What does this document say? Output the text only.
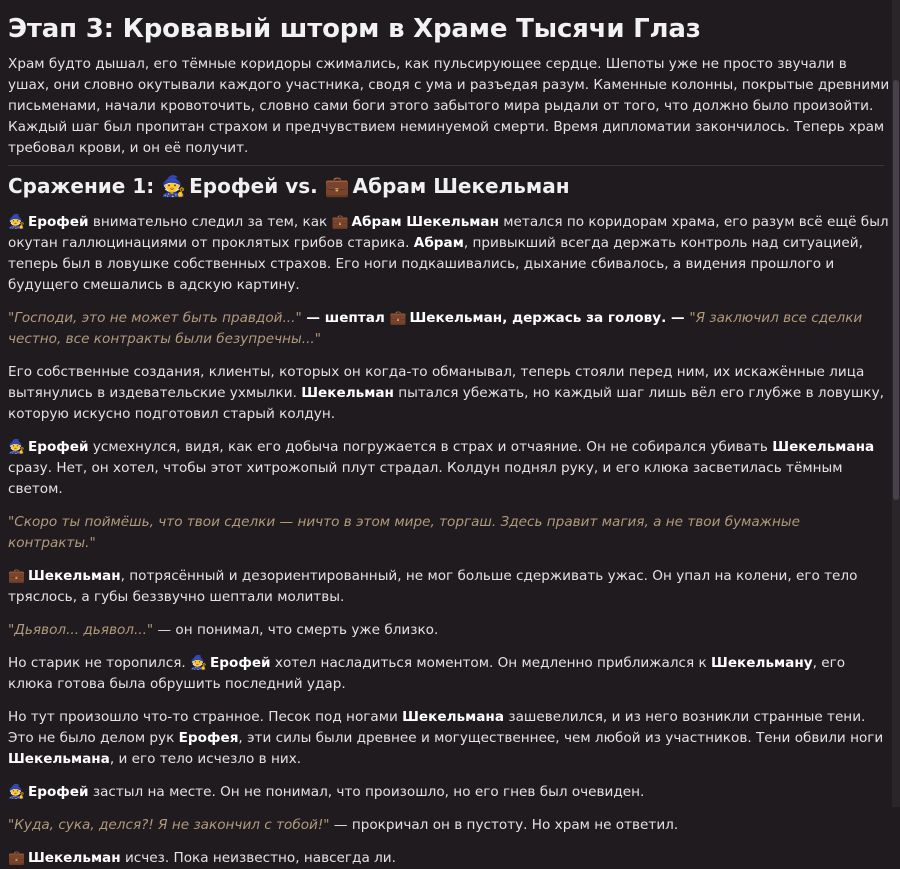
Этап 3: Кровавый шторм в Храме Тысячи Глаз

Храм будто дышал, его тёмные коридоры сжимались, как пульсирующее сердце. Шепоты уже не просто звучали в ушах, они словно окутывали каждого участника, сводя с ума и разъедая разум. Каменные колонны, покрытые древними письменами, начали кровоточить, словно сами боги этого забытого мира рыдали от того, что должно было произойти. Каждый шаг был пропитан страхом и предчувствием неминуемой смерти. Время дипломатии закончилось. Теперь храм требовал крови, и он её получит.

Сражение 1: 🧙 Ерофей vs. 💼 Абрам Шекельман

🧙 Ерофей внимательно следил за тем, как 💼 Абрам Шекельман метался по коридорам храма, его разум всё ещё был окутан галлюцинациями от проклятых грибов старика. Абрам, привыкший всегда держать контроль над ситуацией, теперь был в ловушке собственных страхов. Его ноги подкашивались, дыхание сбивалось, а видения прошлого и будущего смешались в адскую картину.

"Господи, это не может быть правдой..." — шептал 💼 Шекельман, держась за голову. — "Я заключил все сделки честно, все контракты были безупречны..."

Его собственные создания, клиенты, которых он когда-то обманывал, теперь стояли перед ним, их искажённые лица вытянулись в издевательские ухмылки. Шекельман пытался убежать, но каждый шаг лишь вёл его глубже в ловушку, которую искусно подготовил старый колдун.

🧙 Ерофей усмехнулся, видя, как его добыча погружается в страх и отчаяние. Он не собирался убивать Шекельмана сразу. Нет, он хотел, чтобы этот хитрожопый плут страдал. Колдун поднял руку, и его клюка засветилась тёмным светом.

"Скоро ты поймёшь, что твои сделки — ничто в этом мире, торгаш. Здесь правит магия, а не твои бумажные контракты."

💼 Шекельман, потрясённый и дезориентированный, не мог больше сдерживать ужас. Он упал на колени, его тело тряслось, а губы беззвучно шептали молитвы.

"Дьявол... дьявол..." — он понимал, что смерть уже близко.

Но старик не торопился. 🧙 Ерофей хотел насладиться моментом. Он медленно приближался к Шекельману, его клюка готова была обрушить последний удар.

Но тут произошло что-то странное. Песок под ногами Шекельмана зашевелился, и из него возникли странные тени. Это не было делом рук Ерофея, эти силы были древнее и могущественнее, чем любой из участников. Тени обвили ноги Шекельмана, и его тело исчезло в них.

🧙 Ерофей застыл на месте. Он не понимал, что произошло, но его гнев был очевиден.

"Куда, сука, делся?! Я не закончил с тобой!" — прокричал он в пустоту. Но храм не ответил.

💼 Шекельман исчез. Пока неизвестно, навсегда ли.
